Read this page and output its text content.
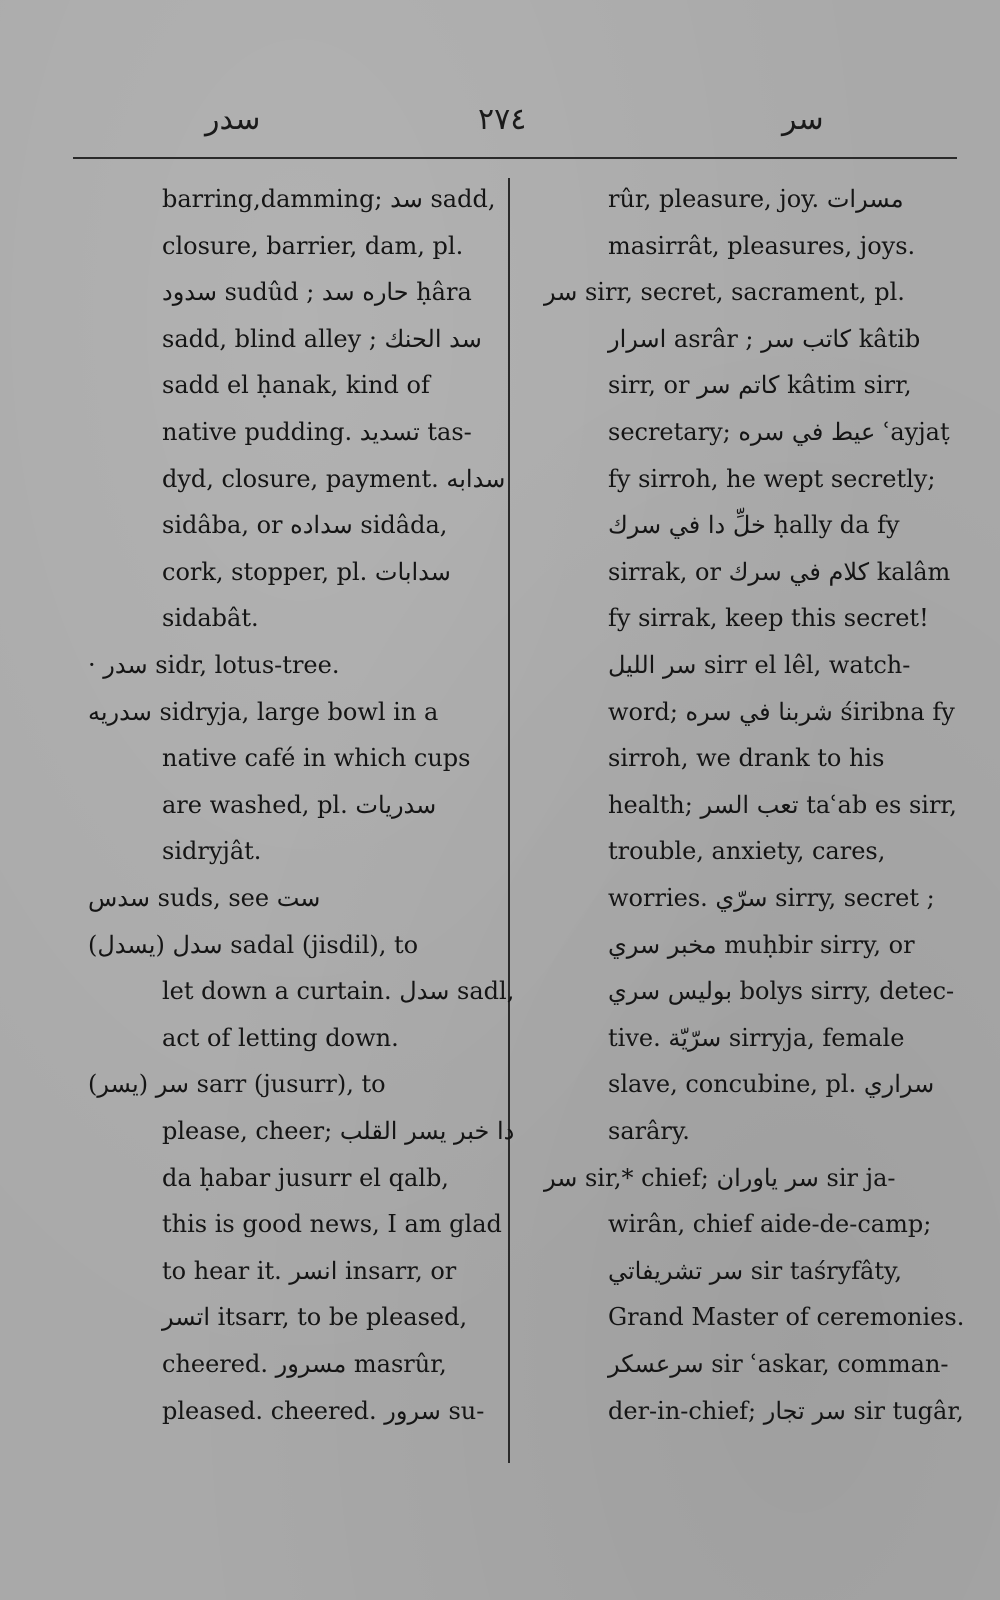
سدر	٢٧٤	سر
barring,damming; سد sadd,
closure, barrier, dam, pl.
سدود sudûd ; حاره سد ḥâra
sadd, blind alley ; سد الحنك
sadd el ḥanak, kind of
native pudding. تسديد tas-
dyd, closure, payment. سدابه
sidâba, or سداده sidâda,
cork, stopper, pl. سدابات
sidabât.
· سدر sidr, lotus-tree.
سدريه sidryja, large bowl in a
native café in which cups
are washed, pl. سدريات
sidryjât.
سدس suds, see ست
سدل (يسدل) sadal (jisdil), to
let down a curtain. سدل sadl,
act of letting down.
سر (يسر) sarr (jusurr), to
please, cheer; دا خبر يسر القلب
da ḥabar jusurr el qalb,
this is good news, I am glad
to hear it. انسر insarr, or
اتسر itsarr, to be pleased,
cheered. مسرور masrûr,
pleased. cheered. سرور su-
rûr, pleasure, joy. مسرات
masirrât, pleasures, joys.
سر sirr, secret, sacrament, pl.
اسرار asrâr ; كاتب سر kâtib
sirr, or كاتم سر kâtim sirr,
secretary; عيط في سره ʿayjaṭ
fy sirroh, he wept secretly;
خلِّ دا في سرك ḥally da fy
sirrak, or كلام في سرك kalâm
fy sirrak, keep this secret!
سر الليل sirr el lêl, watch-
word; شربنا في سره śiribna fy
sirroh, we drank to his
health; تعب السر taʿab es sirr,
trouble, anxiety, cares,
worries. سرّي sirry, secret ;
مخبر سري muḥbir sirry, or
بوليس سري bolys sirry, detec-
tive. سرّيّة sirryja, female
slave, concubine, pl. سراري
sarâry.
سر sir,* chief; سر ياوران sir ja-
wirân, chief aide-de-camp;
سر تشريفاتي sir taśryfâty,
Grand Master of ceremonies.
سرعسكر sir ʿaskar, comman-
der-in-chief; سر تجار sir tugâr,
